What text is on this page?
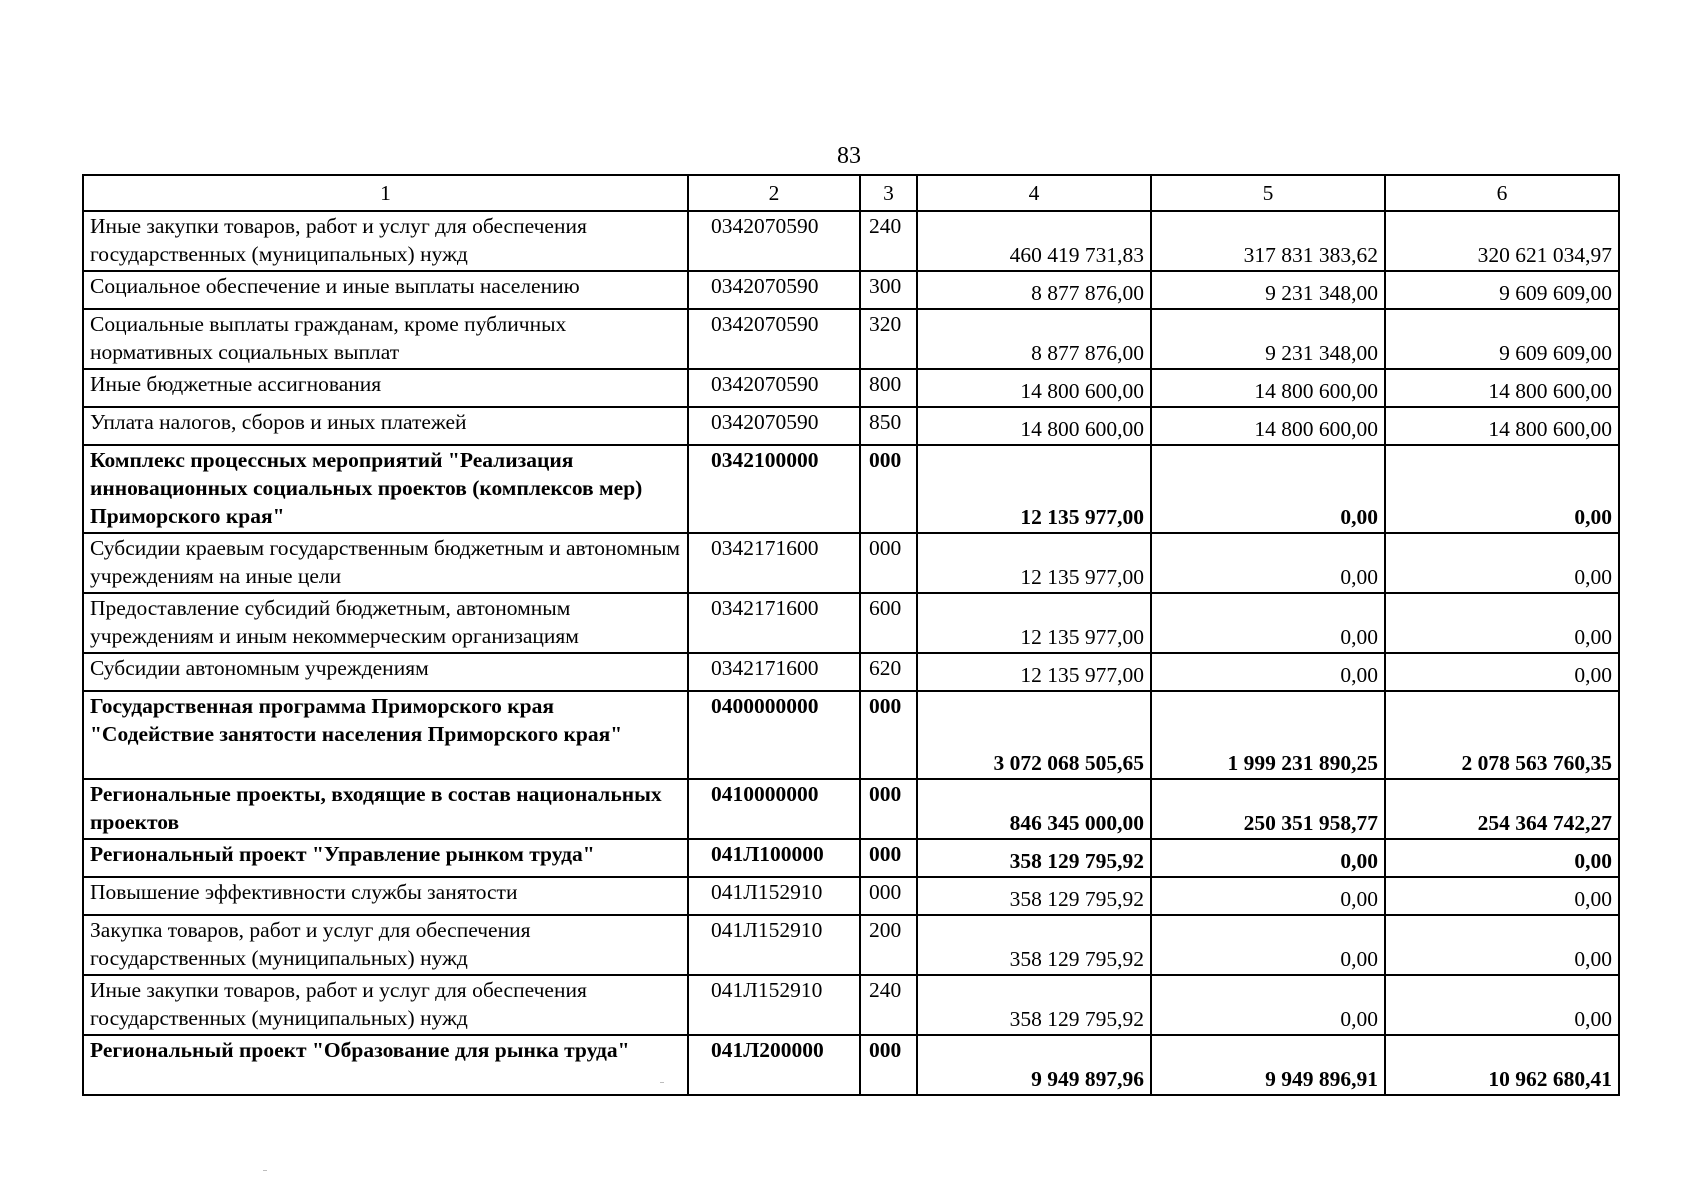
83
1	2	3	4	5	6
Иные закупки товаров, работ и услуг для обеспечения государственных (муниципальных) нужд	0342070590	240	460 419 731,83	317 831 383,62	320 621 034,97
Социальное обеспечение и иные выплаты населению	0342070590	300	8 877 876,00	9 231 348,00	9 609 609,00
Социальные выплаты гражданам, кроме публичных нормативных социальных выплат	0342070590	320	8 877 876,00	9 231 348,00	9 609 609,00
Иные бюджетные ассигнования	0342070590	800	14 800 600,00	14 800 600,00	14 800 600,00
Уплата налогов, сборов и иных платежей	0342070590	850	14 800 600,00	14 800 600,00	14 800 600,00
Комплекс процессных мероприятий "Реализация инновационных социальных проектов (комплексов мер) Приморского края"	0342100000	000	12 135 977,00	0,00	0,00
Субсидии краевым государственным бюджетным и автономным учреждениям на иные цели	0342171600	000	12 135 977,00	0,00	0,00
Предоставление субсидий бюджетным, автономным учреждениям и иным некоммерческим организациям	0342171600	600	12 135 977,00	0,00	0,00
Субсидии автономным учреждениям	0342171600	620	12 135 977,00	0,00	0,00
Государственная программа Приморского края "Содействие занятости населения Приморского края"	0400000000	000	3 072 068 505,65	1 999 231 890,25	2 078 563 760,35
Региональные проекты, входящие в состав национальных проектов	0410000000	000	846 345 000,00	250 351 958,77	254 364 742,27
Региональный проект "Управление рынком труда"	041Л100000	000	358 129 795,92	0,00	0,00
Повышение эффективности службы занятости	041Л152910	000	358 129 795,92	0,00	0,00
Закупка товаров, работ и услуг для обеспечения государственных (муниципальных) нужд	041Л152910	200	358 129 795,92	0,00	0,00
Иные закупки товаров, работ и услуг для обеспечения государственных (муниципальных) нужд	041Л152910	240	358 129 795,92	0,00	0,00
Региональный проект "Образование для рынка труда"	041Л200000	000	9 949 897,96	9 949 896,91	10 962 680,41
